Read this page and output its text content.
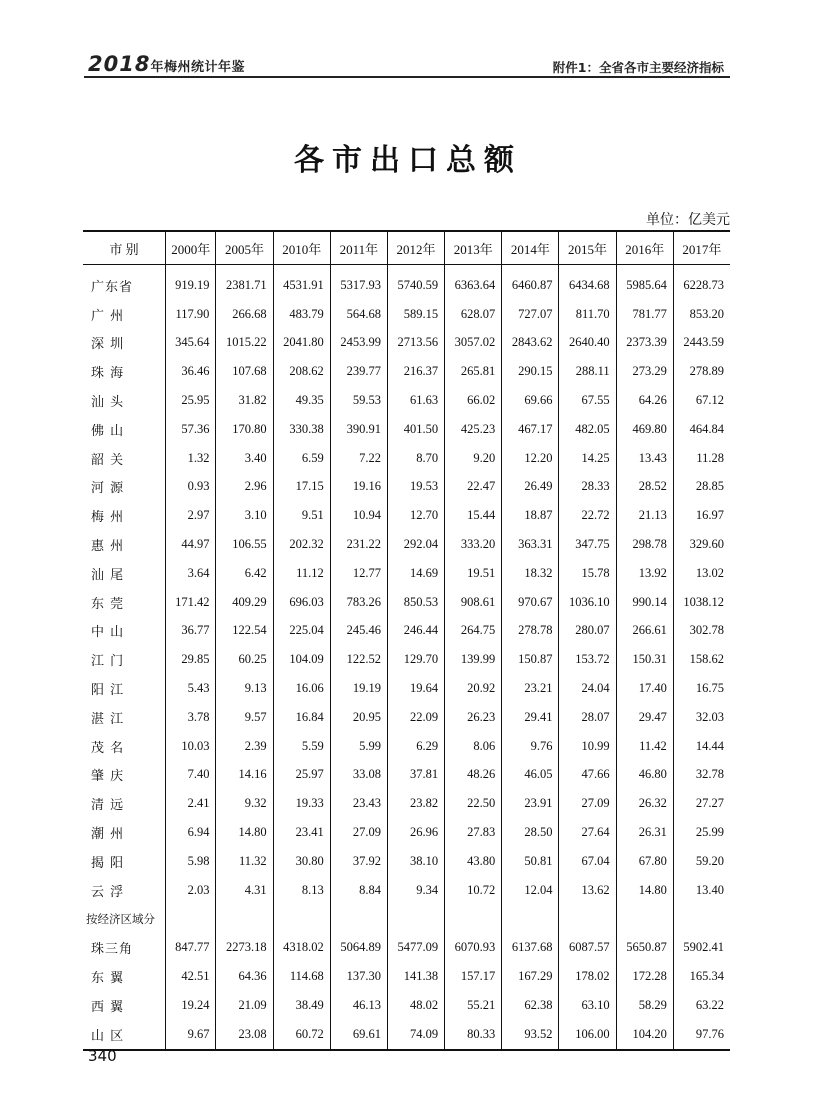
2018年梅州统计年鉴	附件1：全省各市主要经济指标
各市出口总额
单位：亿美元
市 别	2000年	2005年	2010年	2011年	2012年	2013年	2014年	2015年	2016年	2017年

广东省	919.19	2381.71	4531.91	5317.93	5740.59	6363.64	6460.87	6434.68	5985.64	6228.73
广 州	117.90	266.68	483.79	564.68	589.15	628.07	727.07	811.70	781.77	853.20
深 圳	345.64	1015.22	2041.80	2453.99	2713.56	3057.02	2843.62	2640.40	2373.39	2443.59
珠 海	36.46	107.68	208.62	239.77	216.37	265.81	290.15	288.11	273.29	278.89
汕 头	25.95	31.82	49.35	59.53	61.63	66.02	69.66	67.55	64.26	67.12
佛 山	57.36	170.80	330.38	390.91	401.50	425.23	467.17	482.05	469.80	464.84
韶 关	1.32	3.40	6.59	7.22	8.70	9.20	12.20	14.25	13.43	11.28
河 源	0.93	2.96	17.15	19.16	19.53	22.47	26.49	28.33	28.52	28.85
梅 州	2.97	3.10	9.51	10.94	12.70	15.44	18.87	22.72	21.13	16.97
惠 州	44.97	106.55	202.32	231.22	292.04	333.20	363.31	347.75	298.78	329.60
汕 尾	3.64	6.42	11.12	12.77	14.69	19.51	18.32	15.78	13.92	13.02
东 莞	171.42	409.29	696.03	783.26	850.53	908.61	970.67	1036.10	990.14	1038.12
中 山	36.77	122.54	225.04	245.46	246.44	264.75	278.78	280.07	266.61	302.78
江 门	29.85	60.25	104.09	122.52	129.70	139.99	150.87	153.72	150.31	158.62
阳 江	5.43	9.13	16.06	19.19	19.64	20.92	23.21	24.04	17.40	16.75
湛 江	3.78	9.57	16.84	20.95	22.09	26.23	29.41	28.07	29.47	32.03
茂 名	10.03	2.39	5.59	5.99	6.29	8.06	9.76	10.99	11.42	14.44
肇 庆	7.40	14.16	25.97	33.08	37.81	48.26	46.05	47.66	46.80	32.78
清 远	2.41	9.32	19.33	23.43	23.82	22.50	23.91	27.09	26.32	27.27
潮 州	6.94	14.80	23.41	27.09	26.96	27.83	28.50	27.64	26.31	25.99
揭 阳	5.98	11.32	30.80	37.92	38.10	43.80	50.81	67.04	67.80	59.20
云 浮	2.03	4.31	8.13	8.84	9.34	10.72	12.04	13.62	14.80	13.40
按经济区域分										
珠三角	847.77	2273.18	4318.02	5064.89	5477.09	6070.93	6137.68	6087.57	5650.87	5902.41
东 翼	42.51	64.36	114.68	137.30	141.38	157.17	167.29	178.02	172.28	165.34
西 翼	19.24	21.09	38.49	46.13	48.02	55.21	62.38	63.10	58.29	63.22
山 区	9.67	23.08	60.72	69.61	74.09	80.33	93.52	106.00	104.20	97.76
340
